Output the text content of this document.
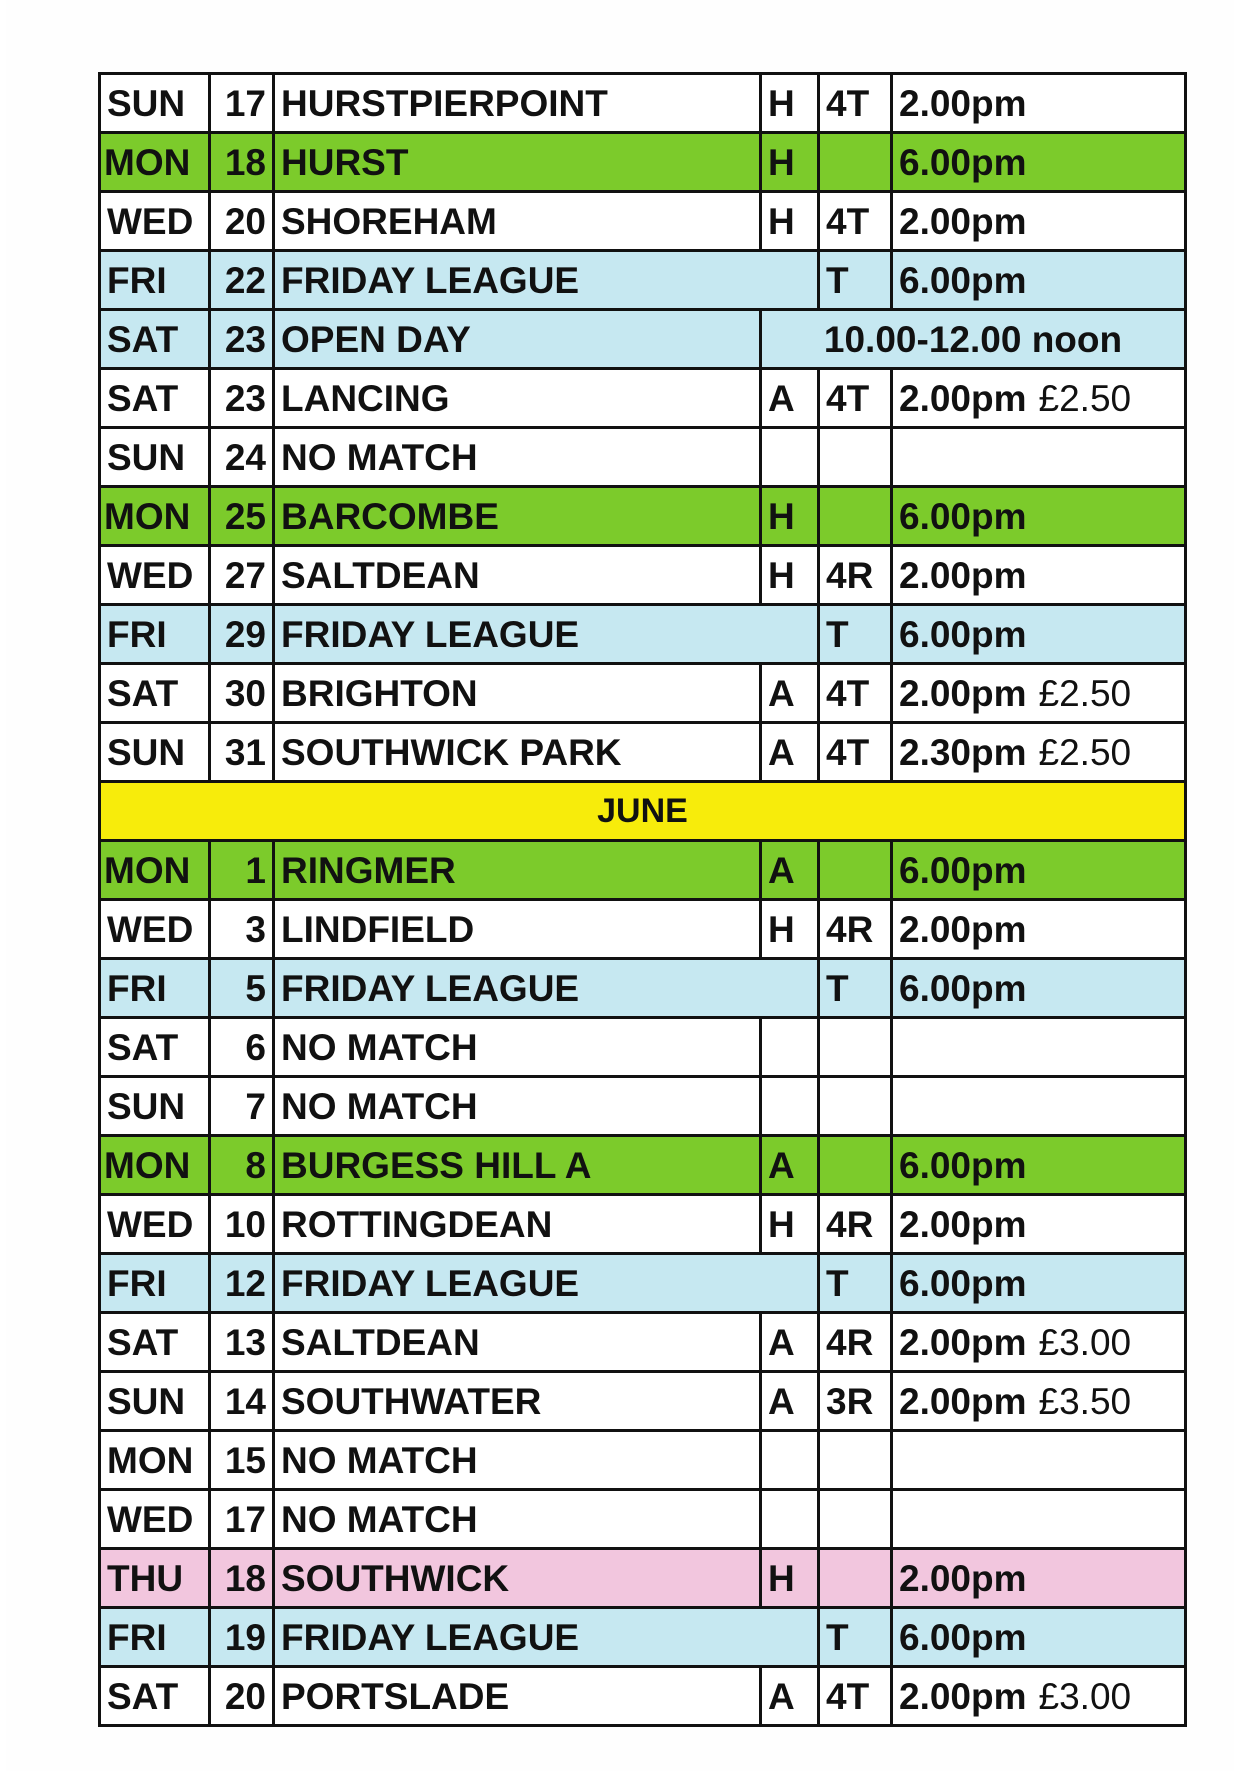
SUN	17	HURSTPIERPOINT	H	4T	2.00pm
MON	18	HURST	H		6.00pm
WED	20	SHOREHAM	H	4T	2.00pm
FRI	22	FRIDAY LEAGUE		T	6.00pm
SAT	23	OPEN DAY	10.00-12.00 noon		
SAT	23	LANCING	A	4T	2.00pm £2.50
SUN	24	NO MATCH			
MON	25	BARCOMBE	H		6.00pm
WED	27	SALTDEAN	H	4R	2.00pm
FRI	29	FRIDAY LEAGUE		T	6.00pm
SAT	30	BRIGHTON	A	4T	2.00pm £2.50
SUN	31	SOUTHWICK PARK	A	4T	2.30pm £2.50
JUNE					
MON	1	RINGMER	A		6.00pm
WED	3	LINDFIELD	H	4R	2.00pm
FRI	5	FRIDAY LEAGUE		T	6.00pm
SAT	6	NO MATCH			
SUN	7	NO MATCH			
MON	8	BURGESS HILL A	A		6.00pm
WED	10	ROTTINGDEAN	H	4R	2.00pm
FRI	12	FRIDAY LEAGUE		T	6.00pm
SAT	13	SALTDEAN	A	4R	2.00pm £3.00
SUN	14	SOUTHWATER	A	3R	2.00pm £3.50
MON	15	NO MATCH			
WED	17	NO MATCH			
THU	18	SOUTHWICK	H		2.00pm
FRI	19	FRIDAY LEAGUE		T	6.00pm
SAT	20	PORTSLADE	A	4T	2.00pm £3.00
